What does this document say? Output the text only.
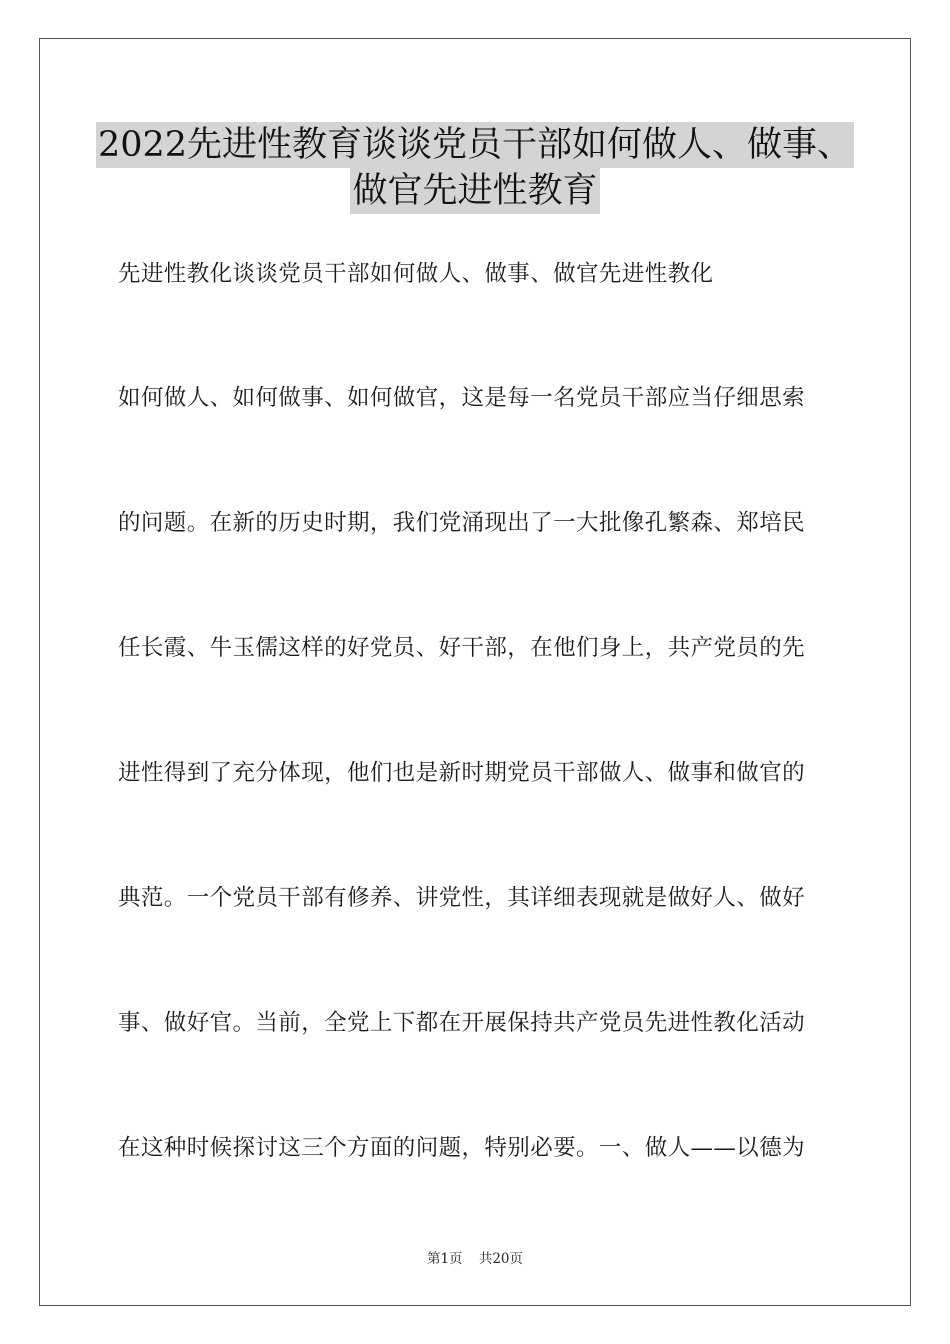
2022先进性教育谈谈党员干部如何做人、做事、
做官先进性教育
先进性教化谈谈党员干部如何做人、做事、做官先进性教化
如何做人、如何做事、如何做官，这是每一名党员干部应当仔细思索
的问题。在新的历史时期，我们党涌现出了一大批像孔繁森、郑培民
任长霞、牛玉儒这样的好党员、好干部，在他们身上，共产党员的先
进性得到了充分体现，他们也是新时期党员干部做人、做事和做官的
典范。一个党员干部有修养、讲党性，其详细表现就是做好人、做好
事、做好官。当前，全党上下都在开展保持共产党员先进性教化活动
在这种时候探讨这三个方面的问题，特别必要。一、做人——以德为
第1页 共20页
